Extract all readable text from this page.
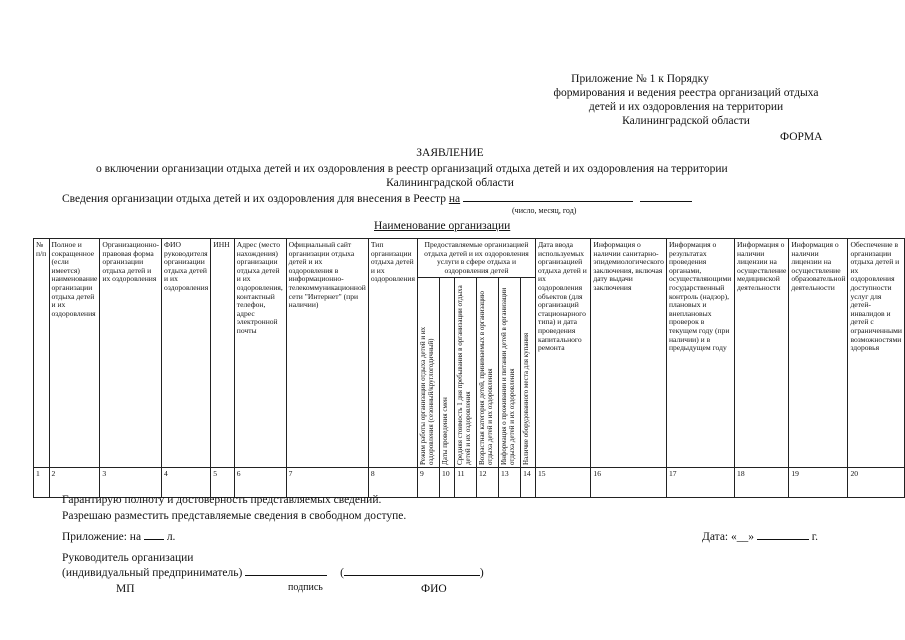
Приложение № 1 к Порядку
формирования и ведения реестра организаций отдыха
детей и их оздоровления на территории
Калининградской области
ФОРМА
ЗАЯВЛЕНИЕ
о включении организации отдыха детей и их оздоровления в реестр организаций отдыха детей и их оздоровления на территории
Калининградской области
Сведения организации отдыха детей и их оздоровления для внесения в Реестр на
(число, месяц, год)
Наименование организации
№ п/п	Полное и сокращенное (если имеется) наименование организации отдыха детей и их оздоровления	Организационно-правовая форма организации отдыха детей и их оздоровления	ФИО руководителя организации отдыха детей и их оздоровления	ИНН	Адрес (место нахождения) организации отдыха детей и их оздоровления, контактный телефон, адрес электронной почты	Официальный сайт организации отдыха детей и их оздоровления в информационно-телекоммуникационной сети "Интернет" (при наличии)	Тип организации отдыха детей и их оздоровления	Предоставляемые организацией отдыха детей и их оздоровления услуги в сфере отдыха и оздоровления детей						Дата ввода используемых организацией отдыха детей и их оздоровления объектов (для организаций стационарного типа) и дата проведения капитального ремонта	Информация о наличии санитарно-эпидемиологического заключения, включая дату выдачи заключения	Информация о результатах проведения органами, осуществляющими государственный контроль (надзор), плановых и внеплановых проверок в текущем году (при наличии) и в предыдущем году	Информация о наличии лицензии на осуществление медицинской деятельности	Информация о наличии лицензии на осуществление образовательной деятельности	Обеспечение в организации отдыха детей и их оздоровления доступности услуг для детей-инвалидов и детей с ограниченными возможностями здоровья

								Режим работы организации отдыха детей и их оздоровления (сезонный/круглогодичный)	Даты проведения смен	Средняя стоимость 1 дня пребывания в организации отдыха детей и их оздоровления	Возрастная категория детей, принимаемых в организацию отдыха детей и их оздоровления	Информация о проживании и питании детей в организации отдыха детей и их оздоровления	Наличие оборудованного места для купания						

1	2	3	4	5	6	7	8	9	10	11	12	13	14	15	16	17	18	19	20
Гарантирую полноту и достоверность представляемых сведений.
Разрешаю разместить представляемые сведения в свободном доступе.
Приложение: на л.	Дата: «__»	г.
Руководитель организации
(индивидуальный предприниматель)	(	)
МП	подпись	ФИО
